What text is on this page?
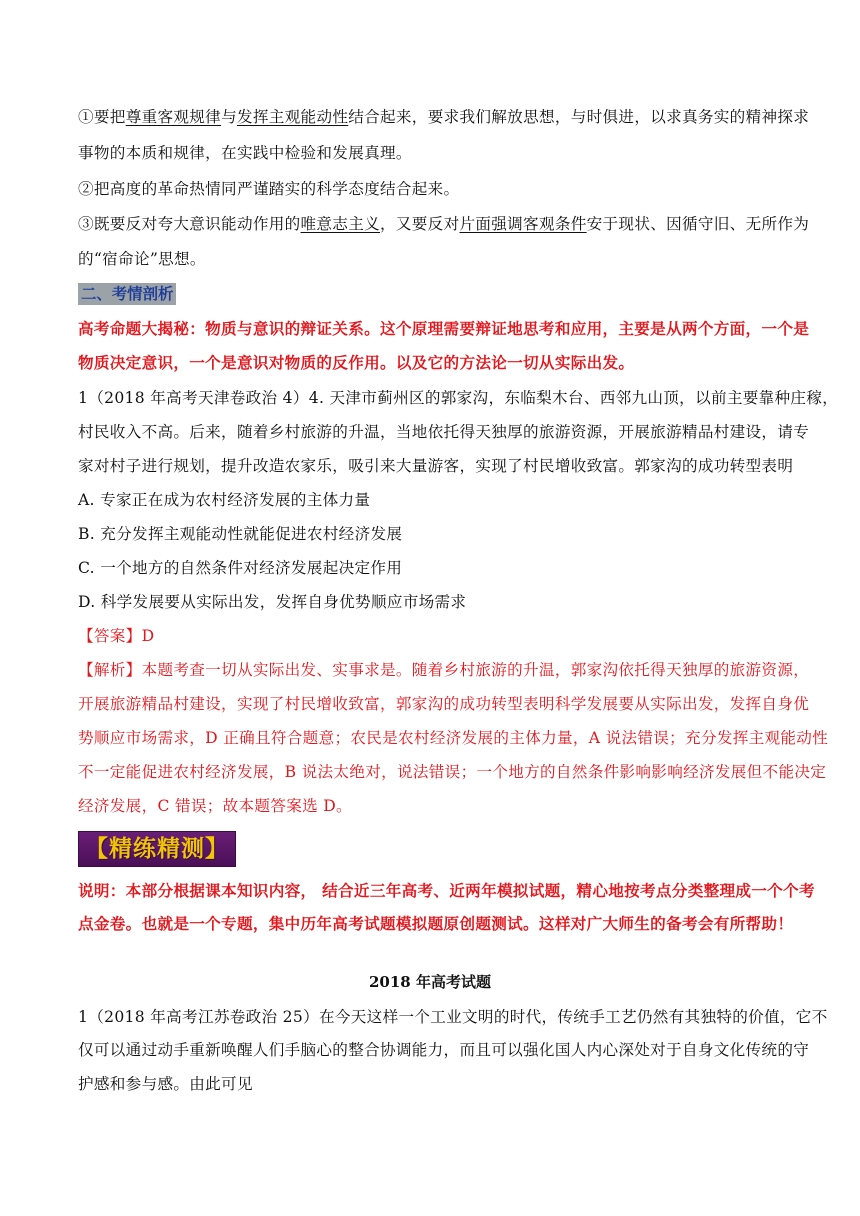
①要把尊重客观规律与发挥主观能动性结合起来，要求我们解放思想，与时俱进，以求真务实的精神探求
事物的本质和规律，在实践中检验和发展真理。
②把高度的革命热情同严谨踏实的科学态度结合起来。
③既要反对夸大意识能动作用的唯意志主义，又要反对片面强调客观条件安于现状、因循守旧、无所作为
的“宿命论”思想。
二、考情剖析
高考命题大揭秘：物质与意识的辩证关系。这个原理需要辩证地思考和应用，主要是从两个方面，一个是
物质决定意识，一个是意识对物质的反作用。以及它的方法论一切从实际出发。
1（2018 年高考天津卷政治 4）4. 天津市蓟州区的郭家沟，东临梨木台、西邻九山顶，以前主要靠种庄稼，
村民收入不高。后来，随着乡村旅游的升温，当地依托得天独厚的旅游资源，开展旅游精品村建设，请专
家对村子进行规划，提升改造农家乐，吸引来大量游客，实现了村民增收致富。郭家沟的成功转型表明
A. 专家正在成为农村经济发展的主体力量
B. 充分发挥主观能动性就能促进农村经济发展
C. 一个地方的自然条件对经济发展起决定作用
D. 科学发展要从实际出发，发挥自身优势顺应市场需求
【答案】D
【解析】本题考查一切从实际出发、实事求是。随着乡村旅游的升温，郭家沟依托得天独厚的旅游资源，
开展旅游精品村建设，实现了村民增收致富，郭家沟的成功转型表明科学发展要从实际出发，发挥自身优
势顺应市场需求，D 正确且符合题意；农民是农村经济发展的主体力量，A 说法错误；充分发挥主观能动性
不一定能促进农村经济发展，B 说法太绝对，说法错误；一个地方的自然条件影响影响经济发展但不能决定
经济发展，C 错误；故本题答案选 D。
【精练精测】
说明：本部分根据课本知识内容， 结合近三年高考、近两年模拟试题，精心地按考点分类整理成一个个考
点金卷。也就是一个专题，集中历年高考试题模拟题原创题测试。这样对广大师生的备考会有所帮助！
2018 年高考试题
1（2018 年高考江苏卷政治 25）在今天这样一个工业文明的时代，传统手工艺仍然有其独特的价值，它不
仅可以通过动手重新唤醒人们手脑心的整合协调能力，而且可以强化国人内心深处对于自身文化传统的守
护感和参与感。由此可见
